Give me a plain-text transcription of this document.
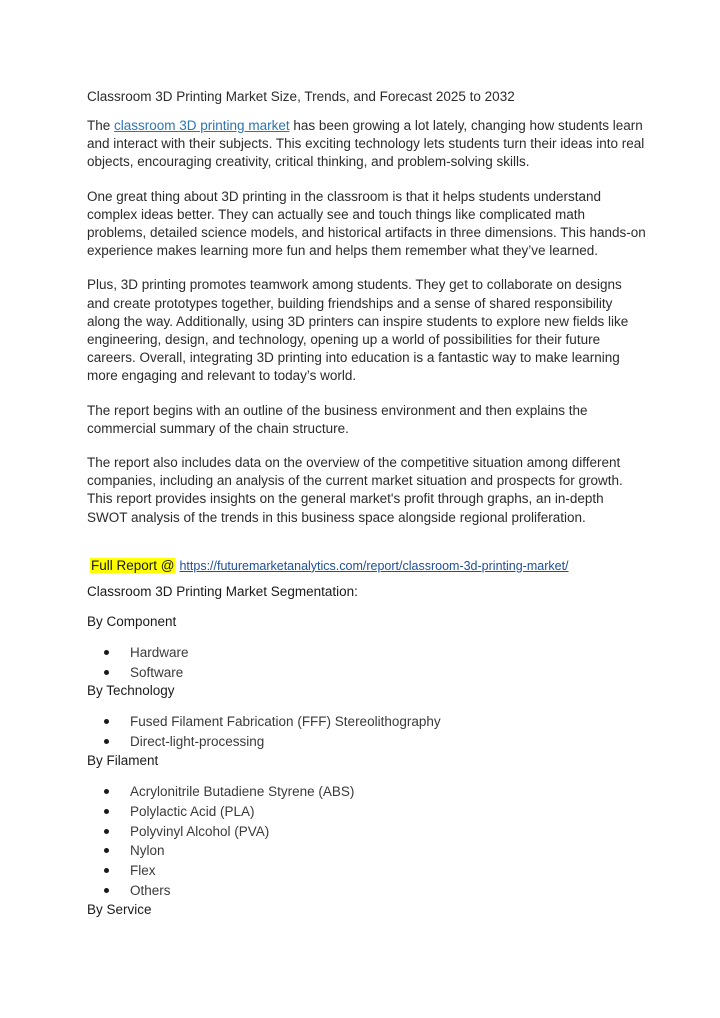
Classroom 3D Printing Market Size, Trends, and Forecast 2025 to 2032

The classroom 3D printing market has been growing a lot lately, changing how students learn and interact with their subjects. This exciting technology lets students turn their ideas into real objects, encouraging creativity, critical thinking, and problem-solving skills.

One great thing about 3D printing in the classroom is that it helps students understand complex ideas better. They can actually see and touch things like complicated math problems, detailed science models, and historical artifacts in three dimensions. This hands-on experience makes learning more fun and helps them remember what they’ve learned.

Plus, 3D printing promotes teamwork among students. They get to collaborate on designs and create prototypes together, building friendships and a sense of shared responsibility along the way. Additionally, using 3D printers can inspire students to explore new fields like engineering, design, and technology, opening up a world of possibilities for their future careers. Overall, integrating 3D printing into education is a fantastic way to make learning more engaging and relevant to today’s world.

The report begins with an outline of the business environment and then explains the commercial summary of the chain structure.

The report also includes data on the overview of the competitive situation among different companies, including an analysis of the current market situation and prospects for growth. This report provides insights on the general market's profit through graphs, an in-depth SWOT analysis of the trends in this business space alongside regional proliferation.

Full Report @ https://futuremarketanalytics.com/report/classroom-3d-printing-market/

Classroom 3D Printing Market Segmentation:

By Component

Hardware
Software

By Technology

Fused Filament Fabrication (FFF) Stereolithography
Direct-light-processing

By Filament

Acrylonitrile Butadiene Styrene (ABS)
Polylactic Acid (PLA)
Polyvinyl Alcohol (PVA)
Nylon
Flex
Others

By Service
